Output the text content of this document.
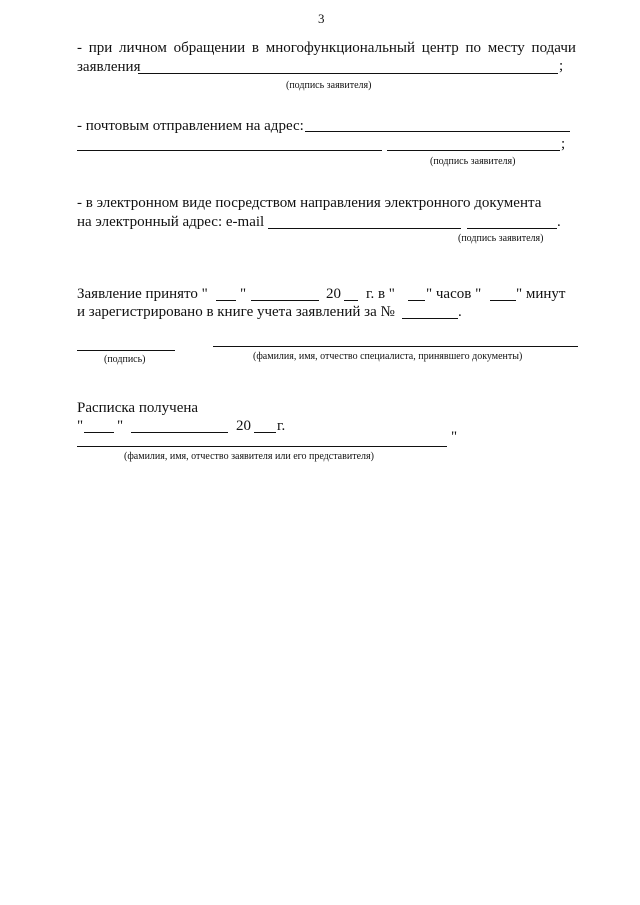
3
- при личном обращении в многофункциональный центр по месту подачи
заявления	;
(подпись заявителя)
- почтовым отправлением на адрес:
;
(подпись заявителя)
- в электронном виде посредством направления электронного документа
на электронный адрес: e-mail	.
(подпись заявителя)
Заявление принято " "	20 г. в " " часов " " минут
и зарегистрировано в книге учета заявлений за №	.
(подпись)	(фамилия, имя, отчество специалиста, принявшего документы)
Расписка получена
" "	20 г.
"
(фамилия, имя, отчество заявителя или его представителя)
